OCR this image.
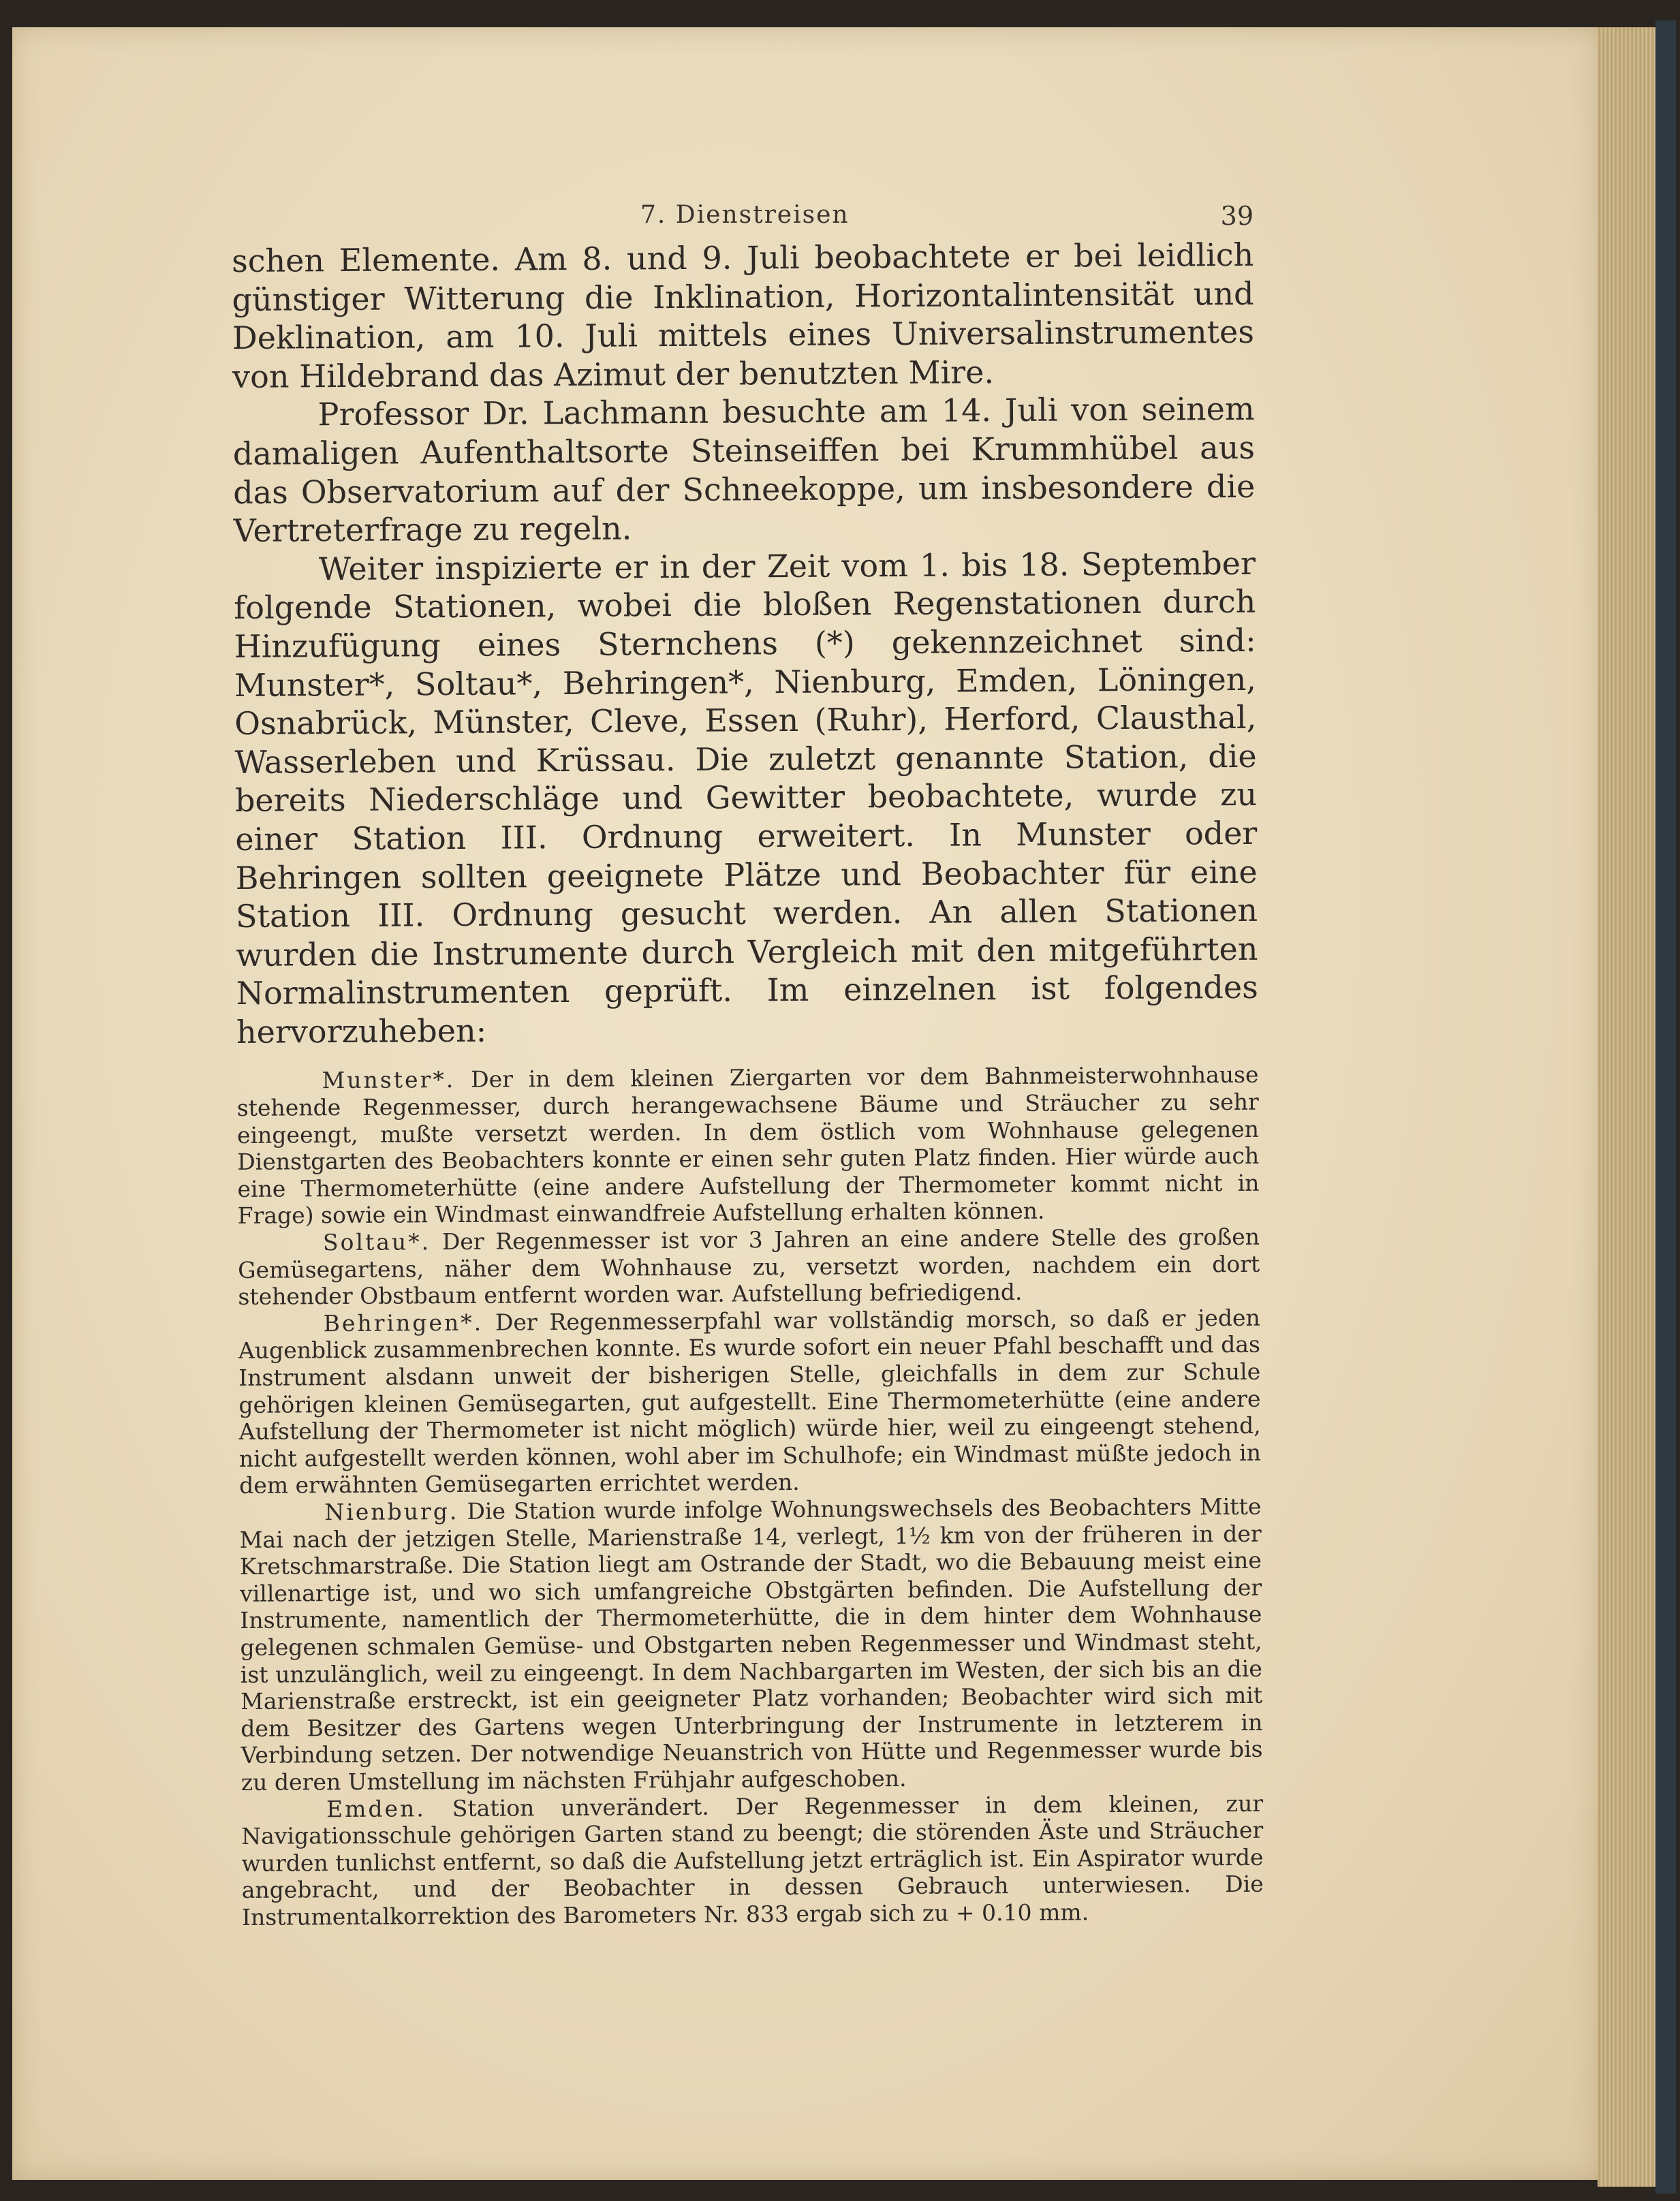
7. Dienstreisen	39

schen Elemente. Am 8. und 9. Juli beobachtete er bei leidlich günstiger Witterung die Inklination, Horizontalintensität und Deklination, am 10. Juli mittels eines Universalinstrumentes von Hildebrand das Azimut der benutzten Mire.

Professor Dr. Lachmann besuchte am 14. Juli von seinem damaligen Aufenthaltsorte Steinseiffen bei Krummhübel aus das Observatorium auf der Schneekoppe, um insbesondere die Vertreterfrage zu regeln.

Weiter inspizierte er in der Zeit vom 1. bis 18. September folgende Stationen, wobei die bloßen Regenstationen durch Hinzufügung eines Sternchens (*) gekennzeichnet sind: Munster*, Soltau*, Behringen*, Nienburg, Emden, Löningen, Osnabrück, Münster, Cleve, Essen (Ruhr), Herford, Clausthal, Wasserleben und Krüssau. Die zuletzt genannte Station, die bereits Niederschläge und Gewitter beobachtete, wurde zu einer Station III. Ordnung erweitert. In Munster oder Behringen sollten geeignete Plätze und Beobachter für eine Station III. Ordnung gesucht werden. An allen Stationen wurden die Instrumente durch Vergleich mit den mitgeführten Normalinstrumenten geprüft. Im einzelnen ist folgendes hervorzuheben:

Munster*. Der in dem kleinen Ziergarten vor dem Bahnmeisterwohnhause stehende Regenmesser, durch herangewachsene Bäume und Sträucher zu sehr eingeengt, mußte versetzt werden. In dem östlich vom Wohnhause gelegenen Dienstgarten des Beobachters konnte er einen sehr guten Platz finden. Hier würde auch eine Thermometerhütte (eine andere Aufstellung der Thermometer kommt nicht in Frage) sowie ein Windmast einwandfreie Aufstellung erhalten können.

Soltau*. Der Regenmesser ist vor 3 Jahren an eine andere Stelle des großen Gemüsegartens, näher dem Wohnhause zu, versetzt worden, nachdem ein dort stehender Obstbaum entfernt worden war. Aufstellung befriedigend.

Behringen*. Der Regenmesserpfahl war vollständig morsch, so daß er jeden Augenblick zusammenbrechen konnte. Es wurde sofort ein neuer Pfahl beschafft und das Instrument alsdann unweit der bisherigen Stelle, gleichfalls in dem zur Schule gehörigen kleinen Gemüsegarten, gut aufgestellt. Eine Thermometerhütte (eine andere Aufstellung der Thermometer ist nicht möglich) würde hier, weil zu eingeengt stehend, nicht aufgestellt werden können, wohl aber im Schulhofe; ein Windmast müßte jedoch in dem erwähnten Gemüsegarten errichtet werden.

Nienburg. Die Station wurde infolge Wohnungswechsels des Beobachters Mitte Mai nach der jetzigen Stelle, Marienstraße 14, verlegt, 1½ km von der früheren in der Kretschmarstraße. Die Station liegt am Ostrande der Stadt, wo die Bebauung meist eine villenartige ist, und wo sich umfangreiche Obstgärten befinden. Die Aufstellung der Instrumente, namentlich der Thermometerhütte, die in dem hinter dem Wohnhause gelegenen schmalen Gemüse- und Obstgarten neben Regenmesser und Windmast steht, ist unzulänglich, weil zu eingeengt. In dem Nachbargarten im Westen, der sich bis an die Marienstraße erstreckt, ist ein geeigneter Platz vorhanden; Beobachter wird sich mit dem Besitzer des Gartens wegen Unterbringung der Instrumente in letzterem in Verbindung setzen. Der notwendige Neuanstrich von Hütte und Regenmesser wurde bis zu deren Umstellung im nächsten Frühjahr aufgeschoben.

Emden. Station unverändert. Der Regenmesser in dem kleinen, zur Navigationsschule gehörigen Garten stand zu beengt; die störenden Äste und Sträucher wurden tunlichst entfernt, so daß die Aufstellung jetzt erträglich ist. Ein Aspirator wurde angebracht, und der Beobachter in dessen Gebrauch unterwiesen. Die Instrumentalkorrektion des Barometers Nr. 833 ergab sich zu + 0.10 mm.
